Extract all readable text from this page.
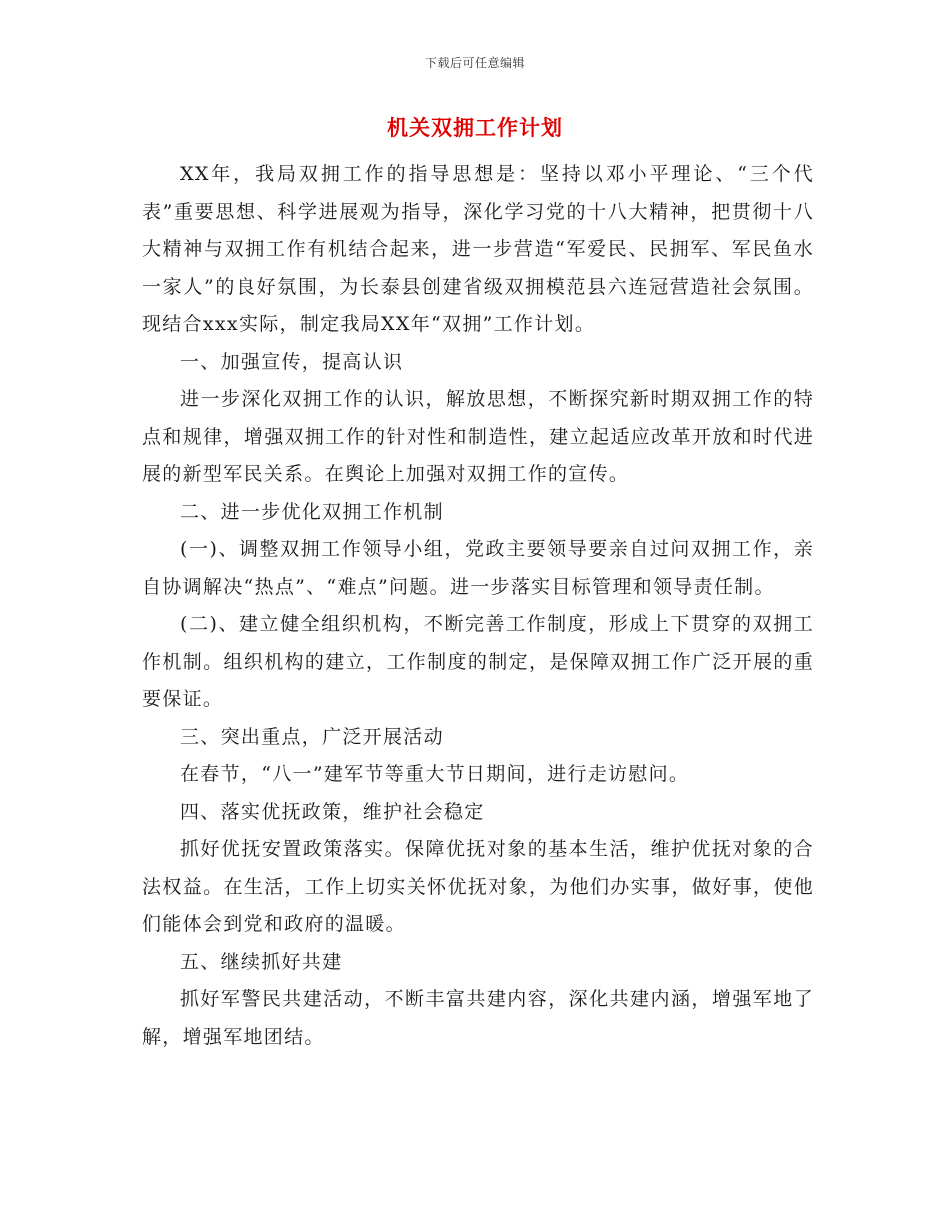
下载后可任意编辑
机关双拥工作计划

XX年，我局双拥工作的指导思想是：坚持以邓小平理论、“三个代表”重要思想、科学进展观为指导，深化学习党的十八大精神，把贯彻十八大精神与双拥工作有机结合起来，进一步营造“军爱民、民拥军、军民鱼水一家人”的良好氛围，为长泰县创建省级双拥模范县六连冠营造社会氛围。现结合xxx实际，制定我局XX年“双拥”工作计划。

一、加强宣传，提高认识

进一步深化双拥工作的认识，解放思想，不断探究新时期双拥工作的特点和规律，增强双拥工作的针对性和制造性，建立起适应改革开放和时代进展的新型军民关系。在舆论上加强对双拥工作的宣传。

二、进一步优化双拥工作机制

(一)、调整双拥工作领导小组，党政主要领导要亲自过问双拥工作，亲自协调解决“热点”、“难点”问题。进一步落实目标管理和领导责任制。

(二)、建立健全组织机构，不断完善工作制度，形成上下贯穿的双拥工作机制。组织机构的建立，工作制度的制定，是保障双拥工作广泛开展的重要保证。

三、突出重点，广泛开展活动

在春节，“八一”建军节等重大节日期间，进行走访慰问。

四、落实优抚政策，维护社会稳定

抓好优抚安置政策落实。保障优抚对象的基本生活，维护优抚对象的合法权益。在生活，工作上切实关怀优抚对象，为他们办实事，做好事，使他们能体会到党和政府的温暖。

五、继续抓好共建

抓好军警民共建活动，不断丰富共建内容，深化共建内涵，增强军地了解，增强军地团结。
